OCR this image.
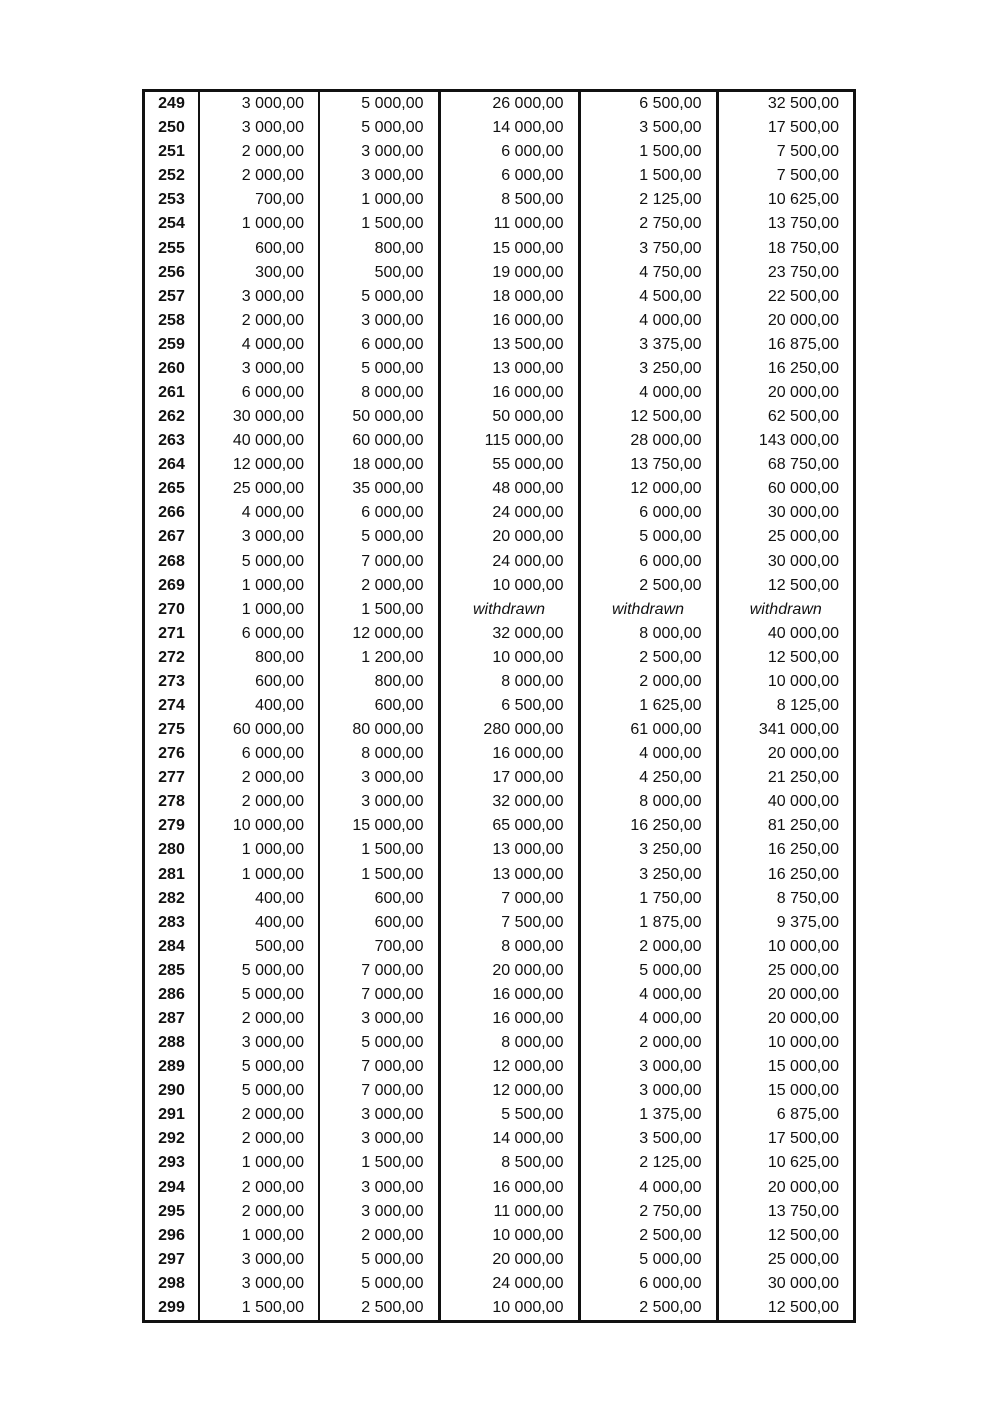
249	3 000,00	5 000,00	26 000,00	6 500,00	32 500,00
250	3 000,00	5 000,00	14 000,00	3 500,00	17 500,00
251	2 000,00	3 000,00	6 000,00	1 500,00	7 500,00
252	2 000,00	3 000,00	6 000,00	1 500,00	7 500,00
253	700,00	1 000,00	8 500,00	2 125,00	10 625,00
254	1 000,00	1 500,00	11 000,00	2 750,00	13 750,00
255	600,00	800,00	15 000,00	3 750,00	18 750,00
256	300,00	500,00	19 000,00	4 750,00	23 750,00
257	3 000,00	5 000,00	18 000,00	4 500,00	22 500,00
258	2 000,00	3 000,00	16 000,00	4 000,00	20 000,00
259	4 000,00	6 000,00	13 500,00	3 375,00	16 875,00
260	3 000,00	5 000,00	13 000,00	3 250,00	16 250,00
261	6 000,00	8 000,00	16 000,00	4 000,00	20 000,00
262	30 000,00	50 000,00	50 000,00	12 500,00	62 500,00
263	40 000,00	60 000,00	115 000,00	28 000,00	143 000,00
264	12 000,00	18 000,00	55 000,00	13 750,00	68 750,00
265	25 000,00	35 000,00	48 000,00	12 000,00	60 000,00
266	4 000,00	6 000,00	24 000,00	6 000,00	30 000,00
267	3 000,00	5 000,00	20 000,00	5 000,00	25 000,00
268	5 000,00	7 000,00	24 000,00	6 000,00	30 000,00
269	1 000,00	2 000,00	10 000,00	2 500,00	12 500,00
270	1 000,00	1 500,00	withdrawn	withdrawn	withdrawn
271	6 000,00	12 000,00	32 000,00	8 000,00	40 000,00
272	800,00	1 200,00	10 000,00	2 500,00	12 500,00
273	600,00	800,00	8 000,00	2 000,00	10 000,00
274	400,00	600,00	6 500,00	1 625,00	8 125,00
275	60 000,00	80 000,00	280 000,00	61 000,00	341 000,00
276	6 000,00	8 000,00	16 000,00	4 000,00	20 000,00
277	2 000,00	3 000,00	17 000,00	4 250,00	21 250,00
278	2 000,00	3 000,00	32 000,00	8 000,00	40 000,00
279	10 000,00	15 000,00	65 000,00	16 250,00	81 250,00
280	1 000,00	1 500,00	13 000,00	3 250,00	16 250,00
281	1 000,00	1 500,00	13 000,00	3 250,00	16 250,00
282	400,00	600,00	7 000,00	1 750,00	8 750,00
283	400,00	600,00	7 500,00	1 875,00	9 375,00
284	500,00	700,00	8 000,00	2 000,00	10 000,00
285	5 000,00	7 000,00	20 000,00	5 000,00	25 000,00
286	5 000,00	7 000,00	16 000,00	4 000,00	20 000,00
287	2 000,00	3 000,00	16 000,00	4 000,00	20 000,00
288	3 000,00	5 000,00	8 000,00	2 000,00	10 000,00
289	5 000,00	7 000,00	12 000,00	3 000,00	15 000,00
290	5 000,00	7 000,00	12 000,00	3 000,00	15 000,00
291	2 000,00	3 000,00	5 500,00	1 375,00	6 875,00
292	2 000,00	3 000,00	14 000,00	3 500,00	17 500,00
293	1 000,00	1 500,00	8 500,00	2 125,00	10 625,00
294	2 000,00	3 000,00	16 000,00	4 000,00	20 000,00
295	2 000,00	3 000,00	11 000,00	2 750,00	13 750,00
296	1 000,00	2 000,00	10 000,00	2 500,00	12 500,00
297	3 000,00	5 000,00	20 000,00	5 000,00	25 000,00
298	3 000,00	5 000,00	24 000,00	6 000,00	30 000,00
299	1 500,00	2 500,00	10 000,00	2 500,00	12 500,00
